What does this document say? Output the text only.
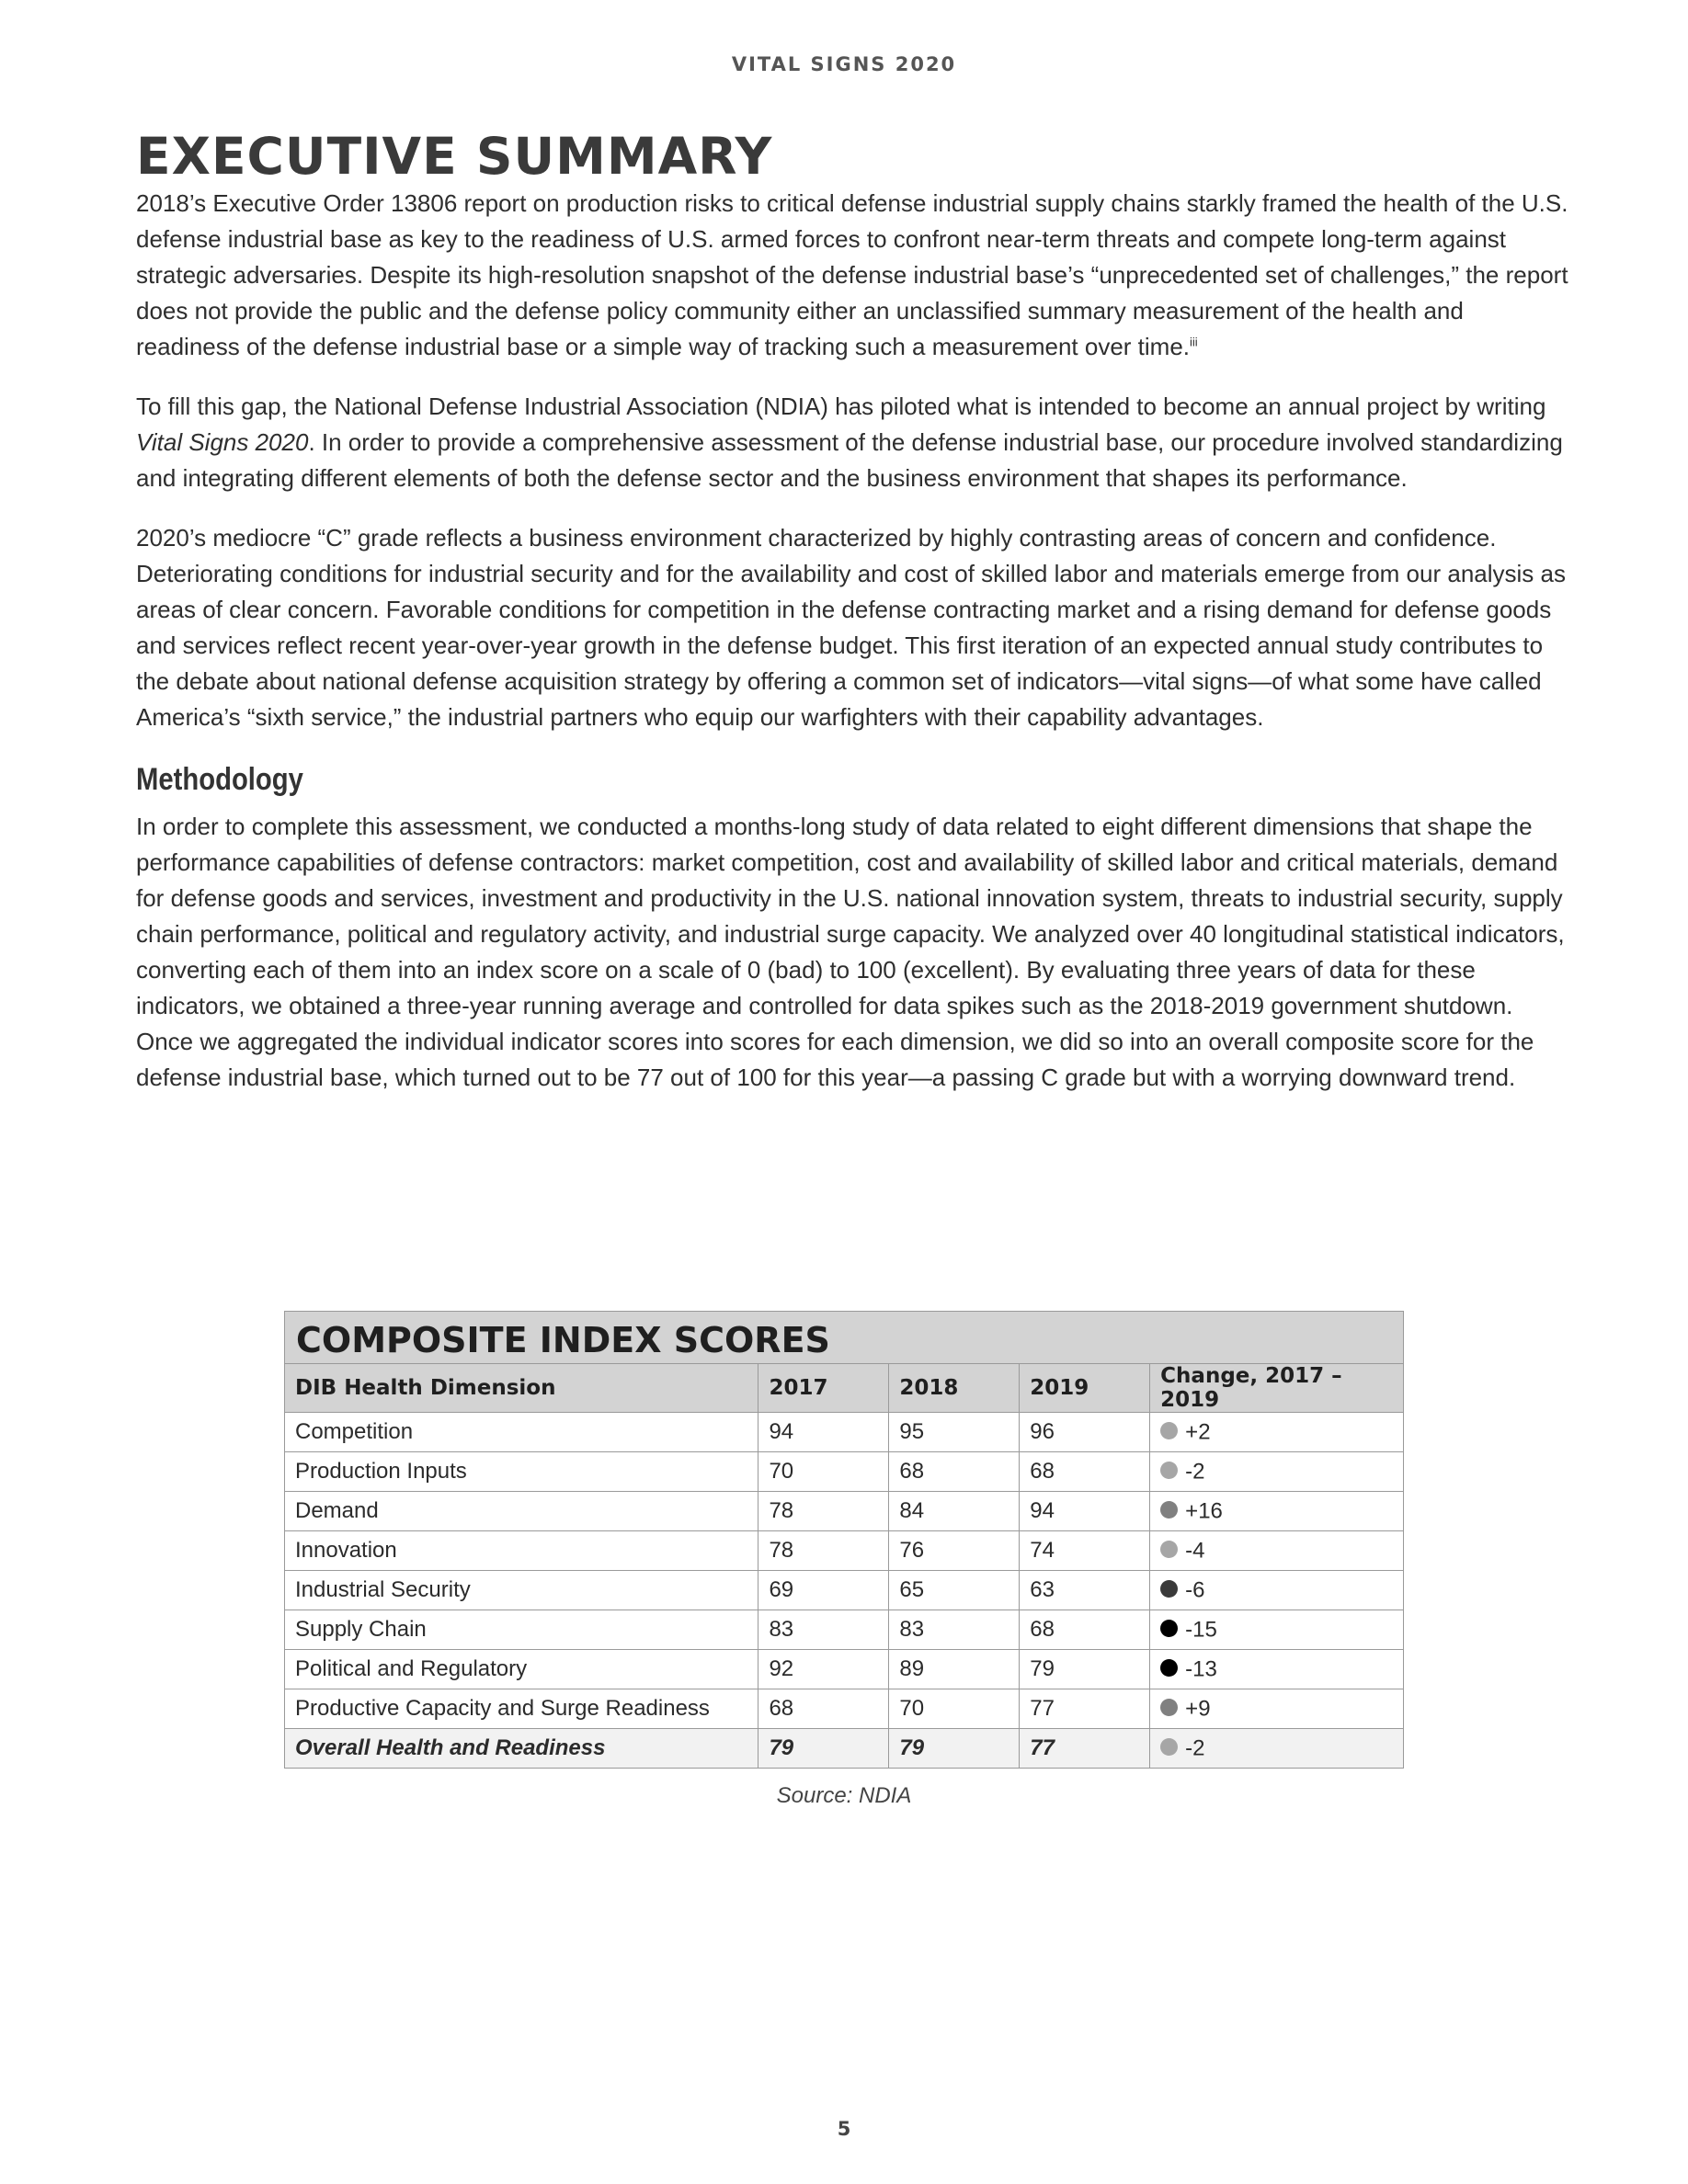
VITAL SIGNS 2020
EXECUTIVE SUMMARY

2018’s Executive Order 13806 report on production risks to critical defense industrial supply chains starkly framed the health of the U.S. defense industrial base as key to the readiness of U.S. armed forces to confront near-term threats and compete long-term against strategic adversaries. Despite its high-resolution snapshot of the defense industrial base’s “unprecedented set of challenges,” the report does not provide the public and the defense policy community either an unclassified summary measurement of the health and readiness of the defense industrial base or a simple way of tracking such a measurement over time.$^{iii}$

To fill this gap, the National Defense Industrial Association (NDIA) has piloted what is intended to become an annual project by writing Vital Signs 2020. In order to provide a comprehensive assessment of the defense industrial base, our procedure involved standardizing and integrating different elements of both the defense sector and the business environment that shapes its performance.

2020’s mediocre “C” grade reflects a business environment characterized by highly contrasting areas of concern and confidence. Deteriorating conditions for industrial security and for the availability and cost of skilled labor and materials emerge from our analysis as areas of clear concern. Favorable conditions for competition in the defense contracting market and a rising demand for defense goods and services reflect recent year-over-year growth in the defense budget. This first iteration of an expected annual study contributes to the debate about national defense acquisition strategy by offering a common set of indicators—vital signs—of what some have called America’s “sixth service,” the industrial partners who equip our warfighters with their capability advantages.

Methodology

In order to complete this assessment, we conducted a months-long study of data related to eight different dimensions that shape the performance capabilities of defense contractors: market competition, cost and availability of skilled labor and critical materials, demand for defense goods and services, investment and productivity in the U.S. national innovation system, threats to industrial security, supply chain performance, political and regulatory activity, and industrial surge capacity. We analyzed over 40 longitudinal statistical indicators, converting each of them into an index score on a scale of 0 (bad) to 100 (excellent). By evaluating three years of data for these indicators, we obtained a three-year running average and controlled for data spikes such as the 2018-2019 government shutdown. Once we aggregated the individual indicator scores into scores for each dimension, we did so into an overall composite score for the defense industrial base, which turned out to be 77 out of 100 for this year—a passing C grade but with a worrying downward trend.

COMPOSITE INDEX SCORES
DIB Health Dimension	2017	2018	2019	Change, 2017 – 2019
Competition	94	95	96	+2
Production Inputs	70	68	68	-2
Demand	78	84	94	+16
Innovation	78	76	74	-4
Industrial Security	69	65	63	-6
Supply Chain	83	83	68	-15
Political and Regulatory	92	89	79	-13
Productive Capacity and Surge Readiness	68	70	77	+9
Overall Health and Readiness	79	79	77	-2
Source: NDIA
5
